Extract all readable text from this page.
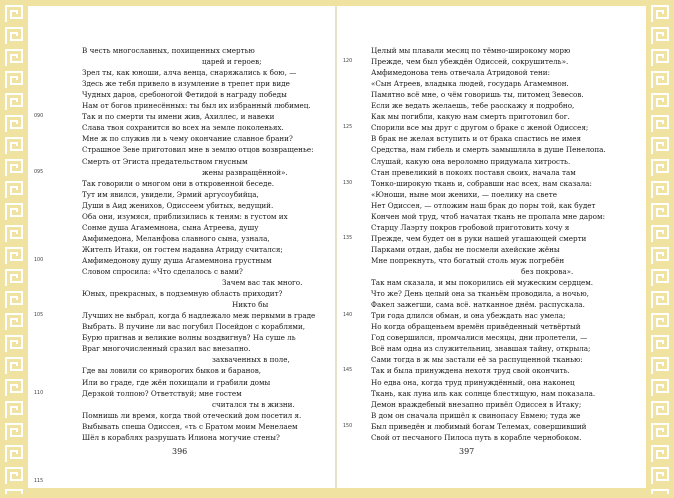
В честь многославных, похищенных смертью
царей и героев;
Зрел ты, как юноши, алча венца, снаряжались к бою, —
Здесь же тебя привело в изумление в трепет при виде
Чудных даров, сребоногой Фетидой в награду победы
Нам от богов принесённых: ты был их избранный любимец.
Так и по смерти ты имени жив, Ахиллес, и навеки
Слава твоя сохранится во всех на земле поколеньях.
Мне ж по служив ли ь чему окончание славное брани?
Страшное Зеве приготовил мне в землю отцов возвращенье:
Смерть от Эгиста предательством гнусным
жены развращённой».
Так говорили о многом они в откровенной беседе.
Тут им явился, увидели, Эрмий аргусоубийца,
Души в Аид женихов, Одиссеем убитых, ведущий.
Оба они, изумяся, приблизились к теням: в густом их
Сонме душа Агамемнона, сына Атреева, душу
Амфимедона, Меланфова славного сына, узнала,
Жителъ Итаки, он гостем надавна Атриду считался;
Амфимедонову душу душа Агамемнона грустным
Словом спросила: «Что сделалось с вами?
Зачем вас так много.
Юных, прекрасных, в подземную область приходит?
Никто бы
Лучших не выбрал, когда б надлежало меж первыми в граде
Выбрать. В пучине ли вас погубил Посейдон с кораблями,
Бурю пригнав и великие волны воздвигнув? На суше ль
Враг многочисленный сразил вас внезапно.
захваченных в поле,
Где вы ловили со криворогих быков и баранов,
Или во граде, где жён похищали и грабили домы
Дерзкой толпою? Ответствуй; мне гостем
считался ты в жизни.
Помнишь ли время, когда твой отеческий дом посетил я.
Выбывать спеша Одиссея, «ть с Братом моим Менелаем
Шёл в кораблях разрушать Илиона могучие стены?
090
095
100
105
110
115
396
Целый мы плавали месяц по тёмно-широкому морю
Прежде, чем был убеждён Одиссей, сокрушитель».
Амфимедонова тень отвечала Атридовой тени:
«Сын Атреев, владыка людей, государь Агамемнон.
Памятно всё мне, о чём говоришь ты, питомец Зевесов.
Если же ведать желаешь, тебе расскажу я подробно,
Как мы погибли, какую нам смерть приготовил бог.
Спорили все мы друг с другом о браке с женой Одиссея;
В брак не желая вступить и от брака спастись не имея
Средства, нам гибель и смерть замышляла в душе Пенелопа.
Слушай, какую она вероломно придумала хитрость.
Стан превеликий в покоях поставя своих, начала там
Тонко-широкую ткань и, собравши нас всех, нам сказала:
«Юноши, ныне мои женихи, — поелику на свете
Нет Одиссея, — отложим наш брак до поры той, как будет
Кончен мой труд, чтоб начатая ткань не пропала мне даром:
Старцу Лаэрту покров гробовой приготовить хочу я
Прежде, чем будет он в руки нашей угашающей смерти
Парками отдан, дабы не посмели ахейские жёны
Мне попрекнуть, что богатый столь муж погребён
без покрова».
Так нам сказала, и мы покорились ей мужеским сердцем.
Что же? День целый она за тканьём проводила, а ночью,
Факел зажегши, сама всё. натканное днём. распускала.
Три года длился обман, и она убеждать нас умела;
Но когда обращеньем времён привёденный четвёртый
Год совершился, промчалися месяцы, дни пролетели, —
Всё нам одна из служительниц, знавшая тайну, открыла;
Сами тогда в ж мы застали её за распущенной тканью:
Так и была принуждена нехотя труд свой окончить.
Но едва она, когда труд принуждённый, она наконец
Ткань, как луна иль как солнце блестящую, нам показала.
Демон враждебный внезапно привёл Одиссея в Итаку;
В дом он сначала пришёл к свинопасу Евмею; туда же
Был приведён и любимый богам Телемах, совершивший
Свой от песчаного Пилоса путь в корабле чернобоком.
120
125
130
135
140
145
150
397
